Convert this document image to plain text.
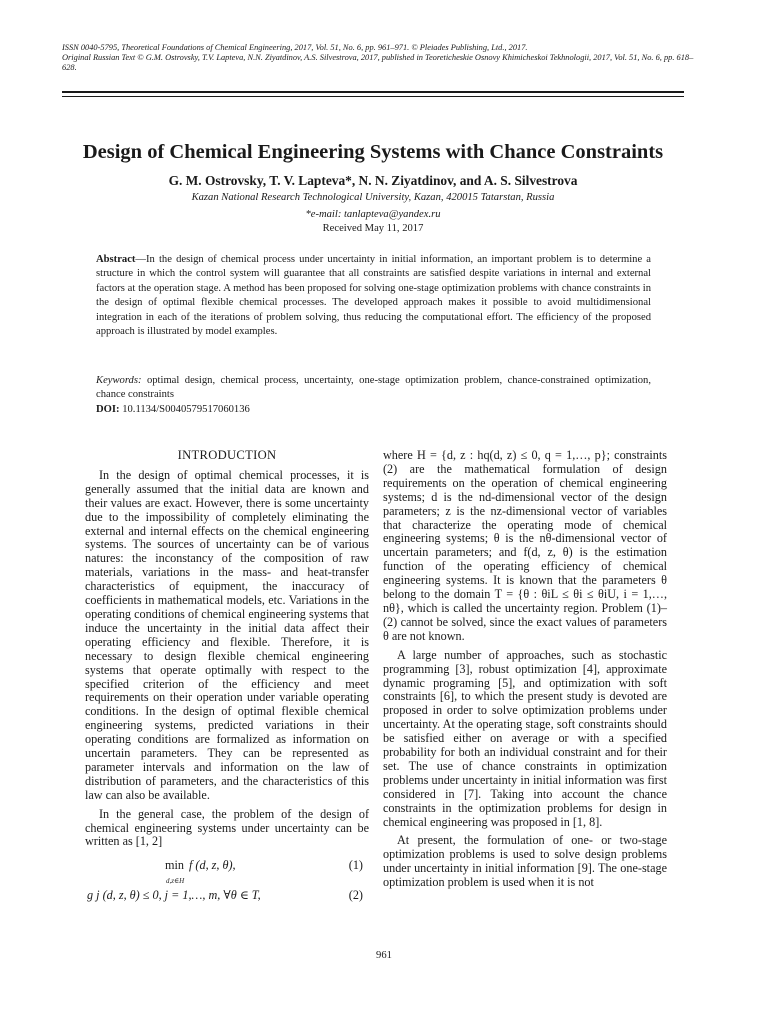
ISSN 0040-5795, Theoretical Foundations of Chemical Engineering, 2017, Vol. 51, No. 6, pp. 961–971. © Pleiades Publishing, Ltd., 2017.
Original Russian Text © G.M. Ostrovsky, T.V. Lapteva, N.N. Ziyatdinov, A.S. Silvestrova, 2017, published in Teoreticheskie Osnovy Khimicheskoi Tekhnologii, 2017, Vol. 51, No. 6, pp. 618–628.
Design of Chemical Engineering Systems with Chance Constraints
G. M. Ostrovsky, T. V. Lapteva*, N. N. Ziyatdinov, and A. S. Silvestrova
Kazan National Research Technological University, Kazan, 420015 Tatarstan, Russia
*e-mail: tanlapteva@yandex.ru
Received May 11, 2017
Abstract—In the design of chemical process under uncertainty in initial information, an important problem is to determine a structure in which the control system will guarantee that all constraints are satisfied despite variations in internal and external factors at the operation stage. A method has been proposed for solving one-stage optimization problems with chance constraints in the design of optimal flexible chemical processes. The developed approach makes it possible to avoid multidimensional integration in each of the iterations of problem solving, thus reducing the computational effort. The efficiency of the proposed approach is illustrated by model examples.
Keywords: optimal design, chemical process, uncertainty, one-stage optimization problem, chance-constrained optimization, chance constraints
DOI: 10.1134/S0040579517060136
INTRODUCTION

In the design of optimal chemical processes, it is generally assumed that the initial data are known and their values are exact. However, there is some uncertainty due to the impossibility of completely eliminating the external and internal effects on the chemical engineering systems. The sources of uncertainty can be of various natures: the inconstancy of the composition of raw materials, variations in the mass- and heat-transfer characteristics of equipment, the inaccuracy of coefficients in mathematical models, etc. Variations in the operating conditions of chemical engineering systems that induce the uncertainty in the initial data affect their operating efficiency and flexible. Therefore, it is necessary to design flexible chemical engineering systems that operate optimally with respect to the specified criterion of the efficiency and meet requirements on their operation under variable operating conditions. In the design of optimal flexible chemical engineering systems, predicted variations in their operating conditions are formalized as information on uncertain parameters. They can be represented as parameter intervals and information on the law of distribution of parameters, and the characteristics of this law can also be available.

In the general case, the problem of the design of chemical engineering systems under uncertainty can be written as [1, 2]

min
d,z∈H
f (d, z, θ),	(1)
g j (d, z, θ) ≤ 0, j = 1,…, m, ∀θ ∈ T,	(2)

where H = {d, z : hq(d, z) ≤ 0, q = 1,…, p}; constraints (2) are the mathematical formulation of design requirements on the operation of chemical engineering systems; d is the nd-dimensional vector of the design parameters; z is the nz-dimensional vector of variables that characterize the operating mode of chemical engineering systems; θ is the nθ-dimensional vector of uncertain parameters; and f(d, z, θ) is the estimation function of the operating efficiency of chemical engineering systems. It is known that the parameters θ belong to the domain T = {θ : θiL ≤ θi ≤ θiU, i = 1,…, nθ}, which is called the uncertainty region. Problem (1)–(2) cannot be solved, since the exact values of parameters θ are not known.

A large number of approaches, such as stochastic programming [3], robust optimization [4], approximate dynamic programing [5], and optimization with soft constraints [6], to which the present study is devoted are proposed in order to solve optimization problems under uncertainty. At the operating stage, soft constraints should be satisfied either on average or with a specified probability for both an individual constraint and for their set. The use of chance constraints in optimization problems under uncertainty in initial information was first considered in [7]. Taking into account the chance constraints in the optimization problems for design in chemical engineering was proposed in [1, 8].

At present, the formulation of one- or two-stage optimization problems is used to solve design problems under uncertainty in initial information [9]. The one-stage optimization problem is used when it is not

961
